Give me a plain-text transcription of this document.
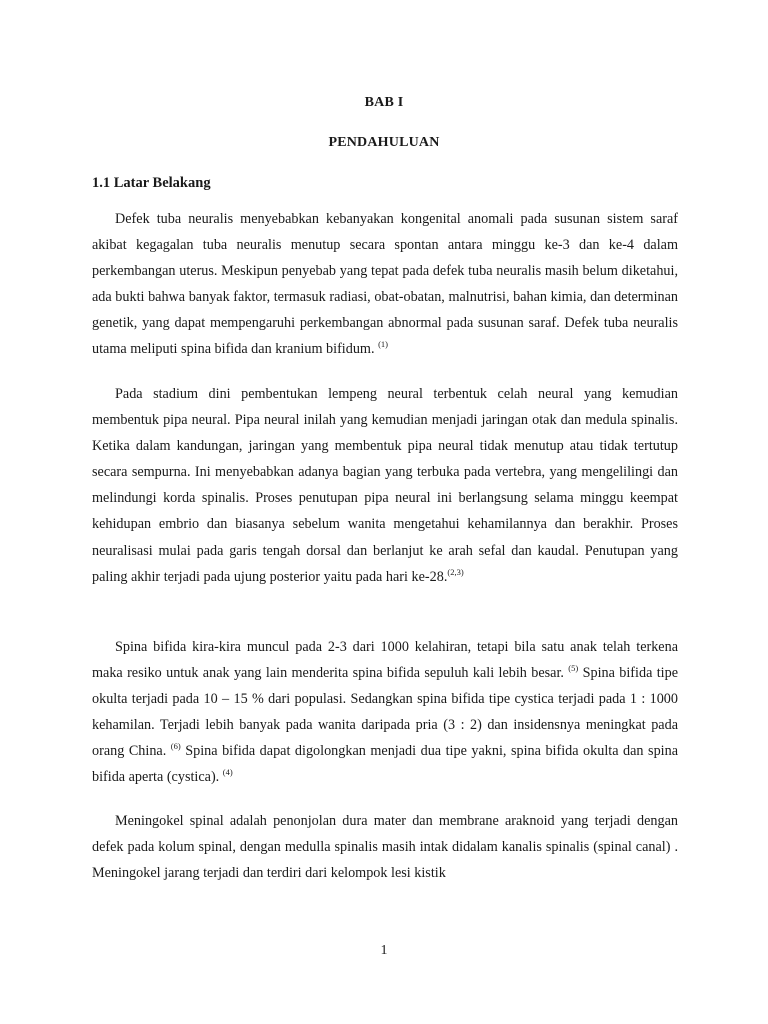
BAB I
PENDAHULUAN
1.1 Latar Belakang

Defek tuba neuralis menyebabkan kebanyakan kongenital anomali pada susunan sistem saraf akibat kegagalan tuba neuralis menutup secara spontan antara minggu ke-3 dan ke-4 dalam perkembangan uterus. Meskipun penyebab yang tepat pada defek tuba neuralis masih belum diketahui, ada bukti bahwa banyak faktor, termasuk radiasi, obat-obatan, malnutrisi, bahan kimia, dan determinan genetik, yang dapat mempengaruhi perkembangan abnormal pada susunan saraf. Defek tuba neuralis utama meliputi spina bifida dan kranium bifidum. $^{(1)}$

Pada stadium dini pembentukan lempeng neural terbentuk celah neural yang kemudian membentuk pipa neural. Pipa neural inilah yang kemudian menjadi jaringan otak dan medula spinalis. Ketika dalam kandungan, jaringan yang membentuk pipa neural tidak menutup atau tidak tertutup secara sempurna. Ini menyebabkan adanya bagian yang terbuka pada vertebra, yang mengelilingi dan melindungi korda spinalis. Proses penutupan pipa neural ini berlangsung selama minggu keempat kehidupan embrio dan biasanya sebelum wanita mengetahui kehamilannya dan berakhir. Proses neuralisasi mulai pada garis tengah dorsal dan berlanjut ke arah sefal dan kaudal. Penutupan yang paling akhir terjadi pada ujung posterior yaitu pada hari ke-28.$^{(2,3)}$

Spina bifida kira-kira muncul pada 2-3 dari 1000 kelahiran, tetapi bila satu anak telah terkena maka resiko untuk anak yang lain menderita spina bifida sepuluh kali lebih besar. $^{(5)}$ Spina bifida tipe okulta terjadi pada 10 – 15 % dari populasi. Sedangkan spina bifida tipe cystica terjadi pada 1 : 1000 kehamilan. Terjadi lebih banyak pada wanita daripada pria (3 : 2) dan insidensnya meningkat pada orang China. $^{(6)}$ Spina bifida dapat digolongkan menjadi dua tipe yakni, spina bifida okulta dan spina bifida aperta (cystica). $^{(4)}$

Meningokel spinal adalah penonjolan dura mater dan membrane araknoid yang terjadi dengan defek pada kolum spinal, dengan medulla spinalis masih intak didalam kanalis spinalis (spinal canal) . Meningokel jarang terjadi dan terdiri dari kelompok lesi kistik

1
